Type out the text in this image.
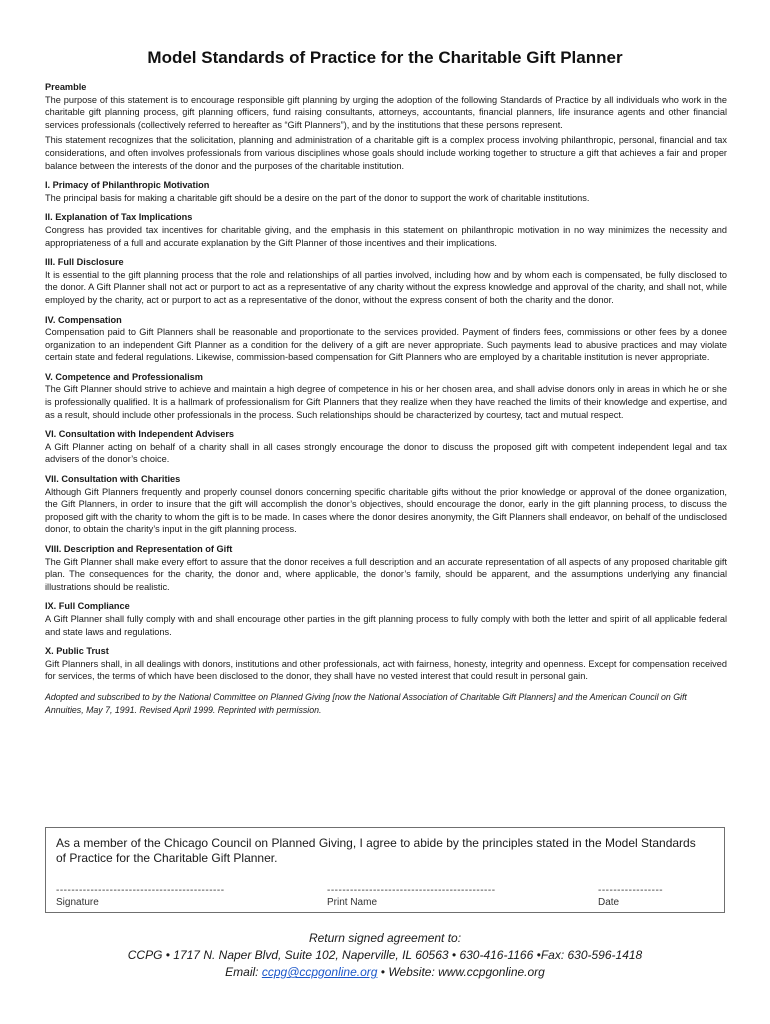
Model Standards of Practice for the Charitable Gift Planner
Preamble

The purpose of this statement is to encourage responsible gift planning by urging the adoption of the following Standards of Practice by all individuals who work in the charitable gift planning process, gift planning officers, fund raising consultants, attorneys, accountants, financial planners, life insurance agents and other financial services professionals (collectively referred to hereafter as “Gift Planners”), and by the institutions that these persons represent.

This statement recognizes that the solicitation, planning and administration of a charitable gift is a complex process involving philanthropic, personal, financial and tax considerations, and often involves professionals from various disciplines whose goals should include working together to structure a gift that achieves a fair and proper balance between the interests of the donor and the purposes of the charitable institution.

I. Primacy of Philanthropic Motivation

The principal basis for making a charitable gift should be a desire on the part of the donor to support the work of charitable institutions.

II. Explanation of Tax Implications

Congress has provided tax incentives for charitable giving, and the emphasis in this statement on philanthropic motivation in no way minimizes the necessity and appropriateness of a full and accurate explanation by the Gift Planner of those incentives and their implications.

III. Full Disclosure

It is essential to the gift planning process that the role and relationships of all parties involved, including how and by whom each is compensated, be fully disclosed to the donor. A Gift Planner shall not act or purport to act as a representative of any charity without the express knowledge and approval of the charity, and shall not, while employed by the charity, act or purport to act as a representative of the donor, without the express consent of both the charity and the donor.

IV. Compensation

Compensation paid to Gift Planners shall be reasonable and proportionate to the services provided. Payment of finders fees, commissions or other fees by a donee organization to an independent Gift Planner as a condition for the delivery of a gift are never appropriate. Such payments lead to abusive practices and may violate certain state and federal regulations. Likewise, commission-based compensation for Gift Planners who are employed by a charitable institution is never appropriate.

V. Competence and Professionalism

The Gift Planner should strive to achieve and maintain a high degree of competence in his or her chosen area, and shall advise donors only in areas in which he or she is professionally qualified. It is a hallmark of professionalism for Gift Planners that they realize when they have reached the limits of their knowledge and expertise, and as a result, should include other professionals in the process. Such relationships should be characterized by courtesy, tact and mutual respect.

VI. Consultation with Independent Advisers

A Gift Planner acting on behalf of a charity shall in all cases strongly encourage the donor to discuss the proposed gift with competent independent legal and tax advisers of the donor’s choice.

VII. Consultation with Charities

Although Gift Planners frequently and properly counsel donors concerning specific charitable gifts without the prior knowledge or approval of the donee organization, the Gift Planners, in order to insure that the gift will accomplish the donor’s objectives, should encourage the donor, early in the gift planning process, to discuss the proposed gift with the charity to whom the gift is to be made. In cases where the donor desires anonymity, the Gift Planners shall endeavor, on behalf of the undisclosed donor, to obtain the charity’s input in the gift planning process.

VIII. Description and Representation of Gift

The Gift Planner shall make every effort to assure that the donor receives a full description and an accurate representation of all aspects of any proposed charitable gift plan. The consequences for the charity, the donor and, where applicable, the donor’s family, should be apparent, and the assumptions underlying any financial illustrations should be realistic.

IX. Full Compliance

A Gift Planner shall fully comply with and shall encourage other parties in the gift planning process to fully comply with both the letter and spirit of all applicable federal and state laws and regulations.

X. Public Trust

Gift Planners shall, in all dealings with donors, institutions and other professionals, act with fairness, honesty, integrity and openness. Except for compensation received for services, the terms of which have been disclosed to the donor, they shall have no vested interest that could result in personal gain.

Adopted and subscribed to by the National Committee on Planned Giving [now the National Association of Charitable Gift Planners] and the American Council on Gift Annuities, May 7, 1991. Revised April 1999. Reprinted with permission.
As a member of the Chicago Council on Planned Giving, I agree to abide by the principles stated in the Model Standards of Practice for the Charitable Gift Planner.
--------------------------------------------
Signature
--------------------------------------------
Print Name
-----------------
Date
Return signed agreement to:
CCPG • 1717 N. Naper Blvd, Suite 102, Naperville, IL 60563 • 630-416-1166 •Fax: 630-596-1418
Email: ccpg@ccpgonline.org • Website: www.ccpgonline.org
